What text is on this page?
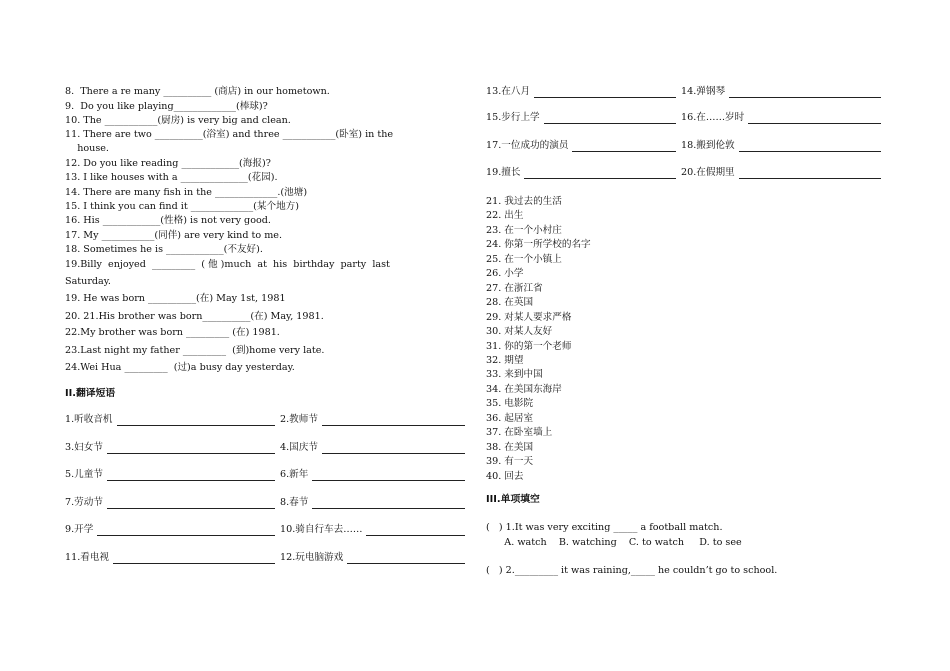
8.  There a re many __________ (商店) in our hometown.
9.  Do you like playing_____________(棒球)?
10. The ___________(厨房) is very big and clean.
11. There are two __________(浴室) and three ___________(卧室) in the
house.
12. Do you like reading ____________(海报)?
13. I like houses with a ______________(花园).
14. There are many fish in the _____________.(池塘)
15. I think you can find it _____________(某个地方)
16. His ____________(性格) is not very good.
17. My ___________(同伴) are very kind to me.
18. Sometimes he is ____________(不友好).
19.Billy  enjoyed  _________  ( 他 )much  at  his  birthday  party  last
Saturday.
19. He was born __________(在) May 1st, 1981
20. 21.His brother was born__________(在) May, 1981.
22.My brother was born _________ (在) 1981.
23.Last night my father _________  (到)home very late.
24.Wei Hua _________  (过)a busy day yesterday.
II.翻译短语
1.听收音机	2.教师节
3.妇女节	4.国庆节
5.儿童节	6.新年
7.劳动节	8.春节
9.开学	10.骑自行车去……
11.看电视	12.玩电脑游戏
13.在八月	14.弹钢琴
15.步行上学	16.在……岁时
17.一位成功的演员	18.搬到伦敦
19.擅长	20.在假期里
21. 我过去的生活
22. 出生
23. 在一个小村庄
24. 你第一所学校的名字
25. 在一个小镇上
26. 小学
27. 在浙江省
28. 在英国
29. 对某人要求严格
30. 对某人友好
31. 你的第一个老师
32. 期望
33. 来到中国
34. 在美国东海岸
35. 电影院
36. 起居室
37. 在卧室墙上
38. 在美国
39. 有一天
40. 回去
III.单项填空
(   ) 1.It was very exciting _____ a football match.
A. watch    B. watching    C. to watch     D. to see
(   ) 2._________ it was raining,_____ he couldn’t go to school.
